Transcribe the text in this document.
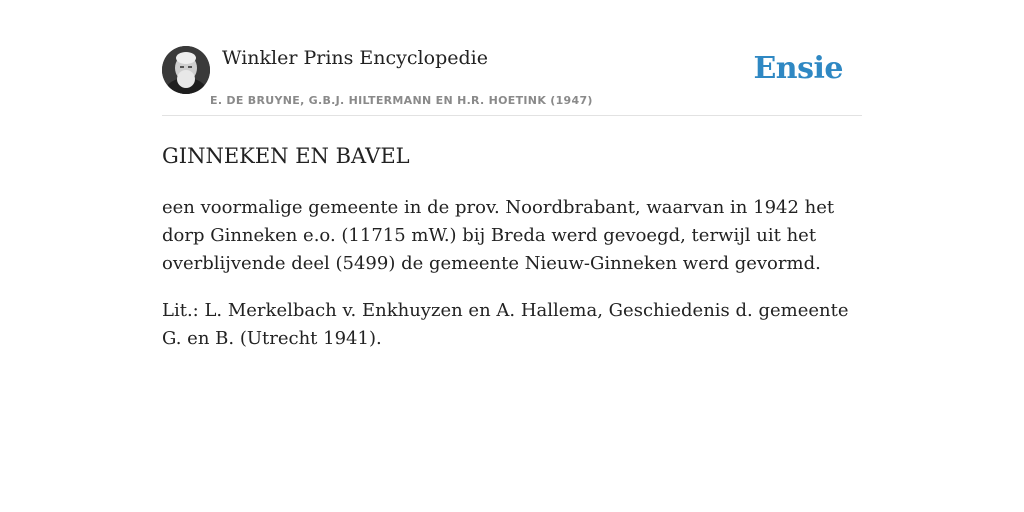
Winkler Prins Encyclopedie
E. DE BRUYNE, G.B.J. HILTERMANN EN H.R. HOETINK (1947)
Ensie
GINNEKEN EN BAVEL

een voormalige gemeente in de prov. Noordbrabant, waarvan in 1942 het dorp Ginneken e.o. (11715 mW.) bij Breda werd gevoegd, terwijl uit het overblijvende deel (5499) de gemeente Nieuw-Ginneken werd gevormd.

Lit.: L. Merkelbach v. Enkhuyzen en A. Hallema, Geschiedenis d. gemeente G. en B. (Utrecht 1941).
